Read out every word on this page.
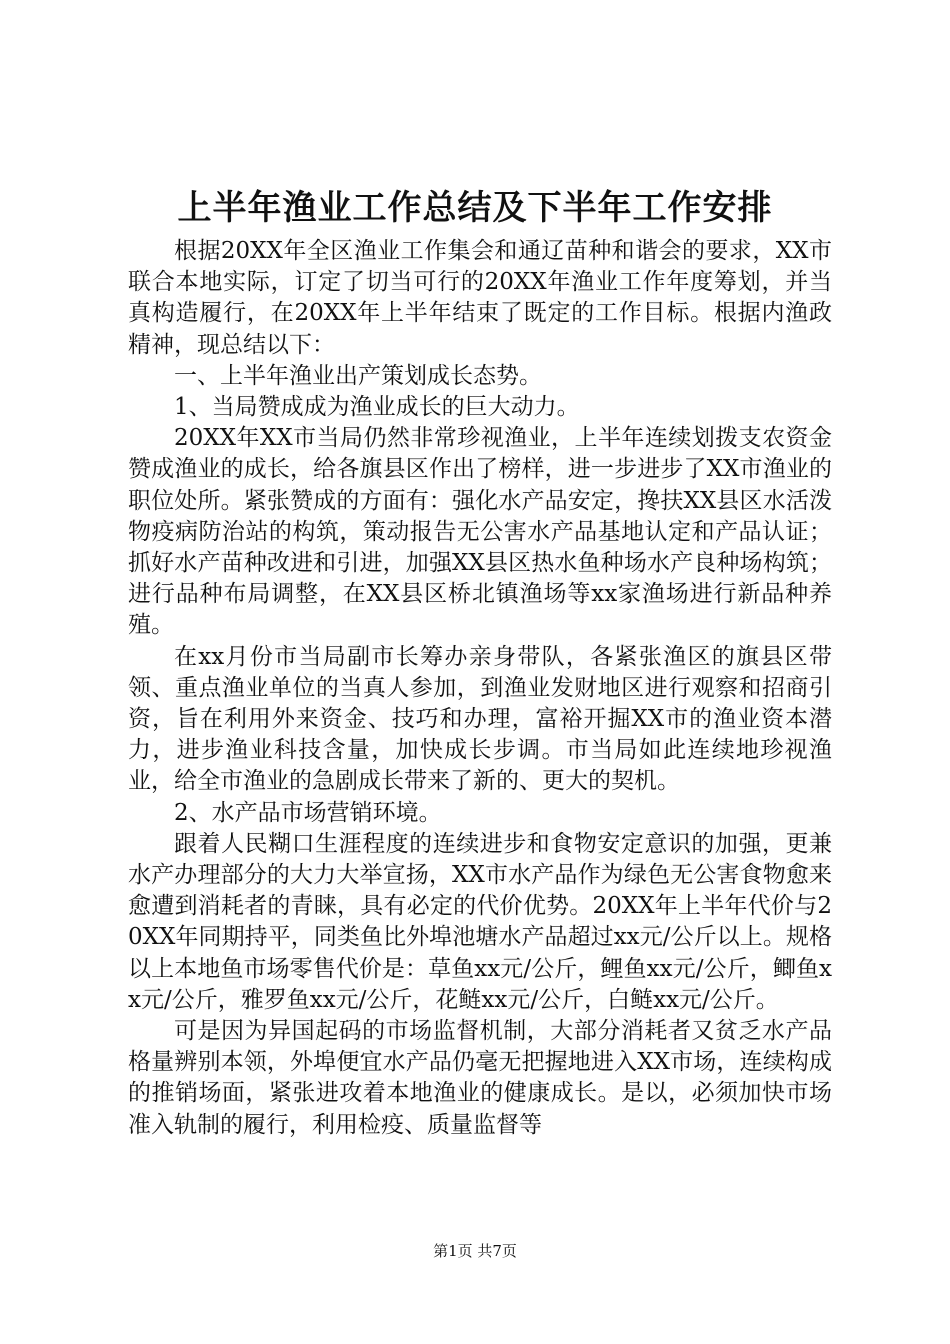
上半年渔业工作总结及下半年工作安排

根据20XX年全区渔业工作集会和通辽苗种和谐会的要求，XX市联合本地实际，订定了切当可行的20XX年渔业工作年度筹划，并当真构造履行，在20XX年上半年结束了既定的工作目标。根据内渔政精神，现总结以下：

一、上半年渔业出产策划成长态势。

1、当局赞成成为渔业成长的巨大动力。

20XX年XX市当局仍然非常珍视渔业，上半年连续划拨支农资金赞成渔业的成长，给各旗县区作出了榜样，进一步进步了XX市渔业的职位处所。紧张赞成的方面有：强化水产品安定，搀扶XX县区水活泼物疫病防治站的构筑，策动报告无公害水产品基地认定和产品认证；抓好水产苗种改进和引进，加强XX县区热水鱼种场水产良种场构筑；进行品种布局调整，在XX县区桥北镇渔场等xx家渔场进行新品种养殖。

在xx月份市当局副市长筹办亲身带队，各紧张渔区的旗县区带领、重点渔业单位的当真人参加，到渔业发财地区进行观察和招商引资，旨在利用外来资金、技巧和办理，富裕开掘XX市的渔业资本潜力，进步渔业科技含量，加快成长步调。市当局如此连续地珍视渔业，给全市渔业的急剧成长带来了新的、更大的契机。

2、水产品市场营销环境。

跟着人民糊口生涯程度的连续进步和食物安定意识的加强，更兼水产办理部分的大力大举宣扬，XX市水产品作为绿色无公害食物愈来愈遭到消耗者的青睐，具有必定的代价优势。20XX年上半年代价与20XX年同期持平，同类鱼比外埠池塘水产品超过xx元/公斤以上。规格以上本地鱼市场零售代价是：草鱼xx元/公斤，鲤鱼xx元/公斤，鲫鱼xx元/公斤，雅罗鱼xx元/公斤，花鲢xx元/公斤，白鲢xx元/公斤。

可是因为异国起码的市场监督机制，大部分消耗者又贫乏水产品格量辨别本领，外埠便宜水产品仍毫无把握地进入XX市场，连续构成的推销场面，紧张进攻着本地渔业的健康成长。是以，必须加快市场准入轨制的履行，利用检疫、质量监督等

第1页 共7页
